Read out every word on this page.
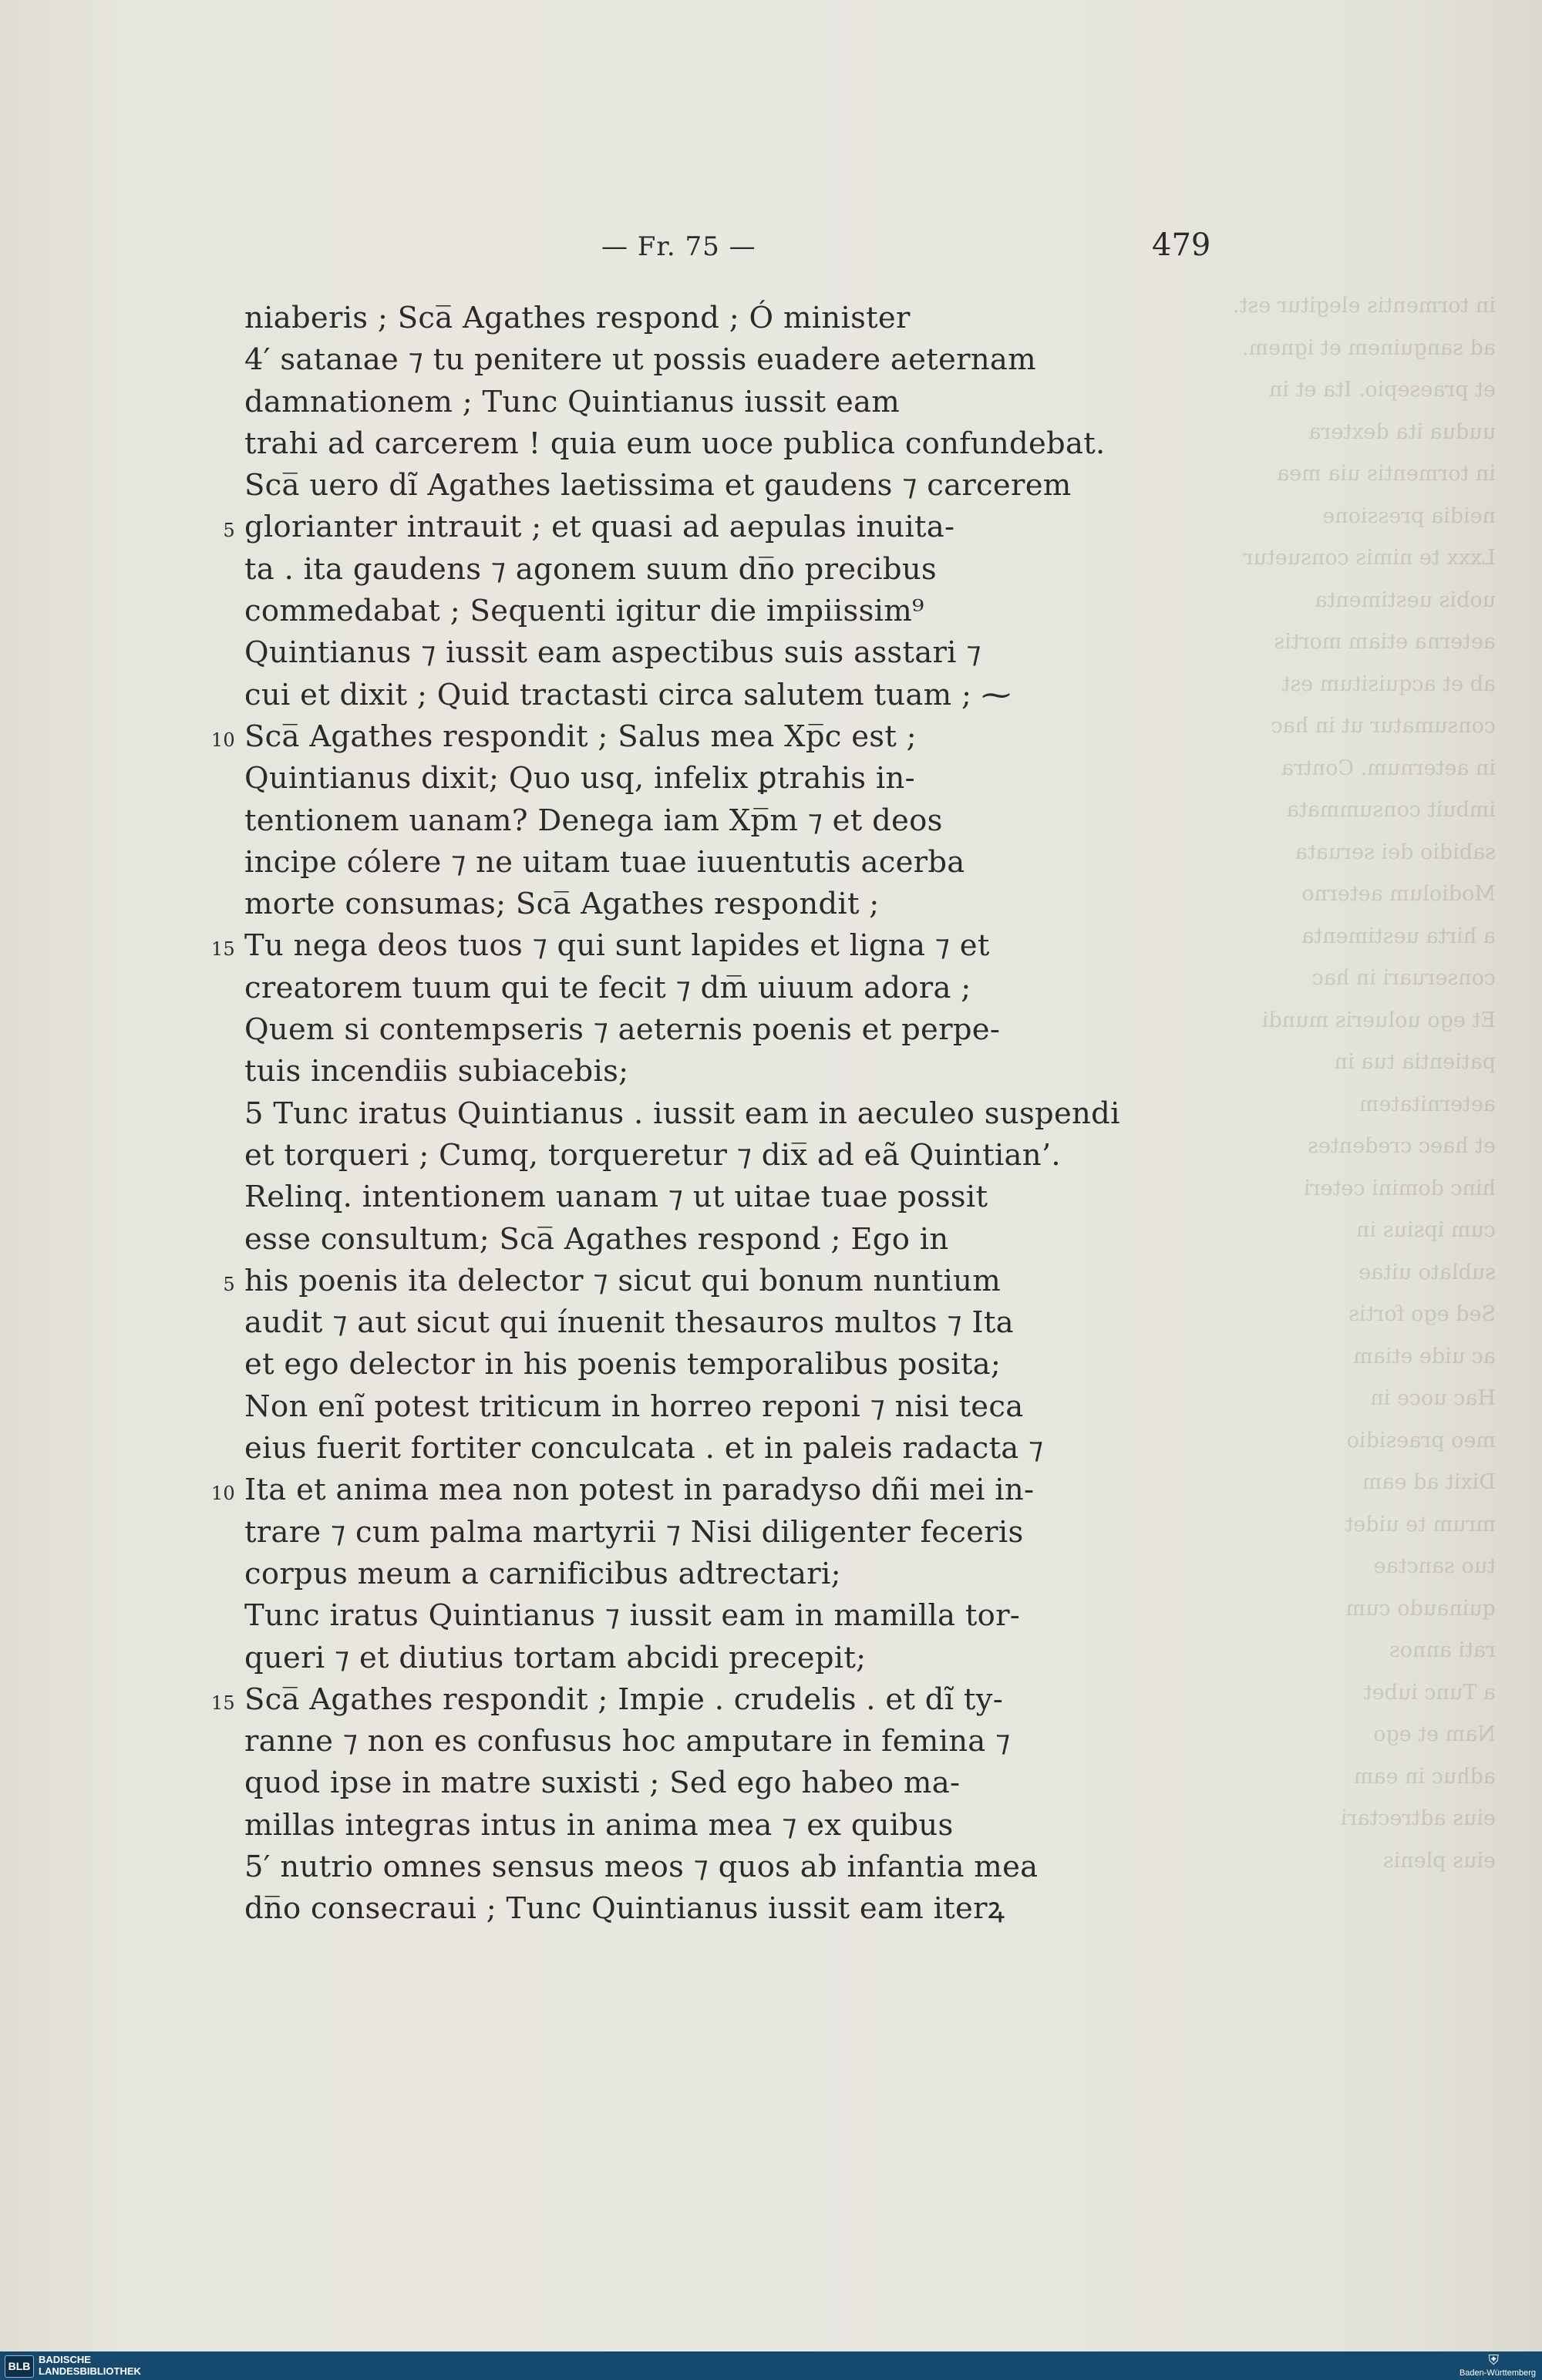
in tormentis elegitur est.
ad sanguinem et ignem.
et praesepio. Ita et in
uudua ita dextera
in tormentis uia mea
neidia pressione
Lxxx te nimis consuetur
uobis uestimenta
aeterna etiam mortis
ab et acquisitum est
consumatur ut in hac
in aeternum. Contra
imbuit consummata
sabidio dei seruata
Modiolum aeterno
a hirta uestimenta
conseruari in hac
Et ego uolueris mundi
patientia tua in
aeternitatem
et haec credentes
hinc domini ceteri
cum ipsius in
sublato uitae
Sed ego fortis
ac uide etiam
Hac uoce in
meo praesidio
Dixit ad eam
mrum te uidet
tuo sanctae
quinaudo cum
rati annos
a Tunc iubet
Nam et ego
adhuc in eam
eius adtrectari
eius plenis
— Fr. 75 —	479
niaberis ; Sca̅ Agathes respond ; Ó minister
4′ satanae ⁊ tu penitere ut possis euadere aeternam
damnationem ; Tunc Quintianus iussit eam
trahi ad carcerem ! quia eum uoce publica confundebat.
Sca̅ uero dĩ Agathes laetissima et gaudens ⁊ carcerem
5 glorianter intrauit ; et quasi ad aepulas inuita-
ta . ita gaudens ⁊ agonem suum dn̅o precibus
commedabat ; Sequenti igitur die impiissim⁹
Quintianus ⁊ iussit eam aspectibus suis asstari ⁊
cui et dixit ; Quid tractasti circa salutem tuam ; ⁓
10 Sca̅ Agathes respondit ; Salus mea Xp̅c est ;
Quintianus dixit; Quo usq, infelix ꝑtrahis in-
tentionem uanam? Denega iam Xp̅m ⁊ et deos
incipe cólere ⁊ ne uitam tuae iuuentutis acerba
morte consumas; Sca̅ Agathes respondit ;
15 Tu nega deos tuos ⁊ qui sunt lapides et ligna ⁊ et
creatorem tuum qui te fecit ⁊ dm̅ uiuum adora ;
Quem si contempseris ⁊ aeternis poenis et perpe-
tuis incendiis subiacebis;
5 Tunc iratus Quintianus . iussit eam in aeculeo suspendi
et torqueri ; Cumq, torqueretur ⁊ dix̅ ad eã Quintian’.
Relinq. intentionem uanam ⁊ ut uitae tuae possit
esse consultum; Sca̅ Agathes respond ; Ego in
5 his poenis ita delector ⁊ sicut qui bonum nuntium
audit ⁊ aut sicut qui ínuenit thesauros multos ⁊ Ita
et ego delector in his poenis temporalibus posita;
Non enĩ potest triticum in horreo reponi ⁊ nisi teca
eius fuerit fortiter conculcata . et in paleis radacta ⁊
10 Ita et anima mea non potest in paradyso dñi mei in-
trare ⁊ cum palma martyrii ⁊ Nisi diligenter feceris
corpus meum a carnificibus adtrectari;
Tunc iratus Quintianus ⁊ iussit eam in mamilla tor-
queri ⁊ et diutius tortam abcidi precepit;
15 Sca̅ Agathes respondit ; Impie . crudelis . et dĩ ty-
ranne ⁊ non es confusus hoc amputare in femina ⁊
quod ipse in matre suxisti ; Sed ego habeo ma-
millas integras intus in anima mea ⁊ ex quibus
5′ nutrio omnes sensus meos ⁊ quos ab infantia mea
dn̅o consecraui ; Tunc Quintianus iussit eam iterꝝ
BLB
BADISCHE
LANDESBIBLIOTHEK
⛨
Baden-Württemberg
